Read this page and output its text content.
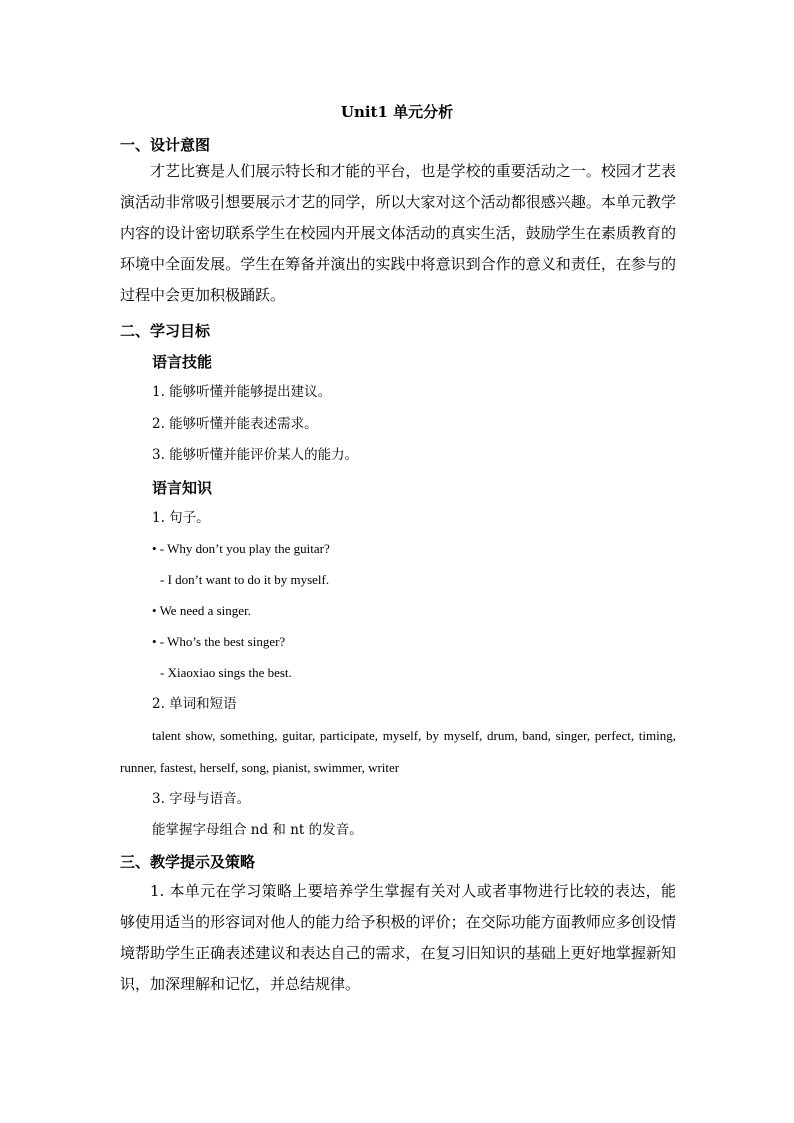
Unit1 单元分析
一、设计意图
才艺比赛是人们展示特长和才能的平台，也是学校的重要活动之一。校园才艺表演活动非常吸引想要展示才艺的同学，所以大家对这个活动都很感兴趣。本单元教学内容的设计密切联系学生在校园内开展文体活动的真实生活，鼓励学生在素质教育的环境中全面发展。学生在筹备并演出的实践中将意识到合作的意义和责任，在参与的过程中会更加积极踊跃。
二、学习目标
语言技能
1. 能够听懂并能够提出建议。
2. 能够听懂并能表述需求。
3. 能够听懂并能评价某人的能力。
语言知识
1. 句子。
• - Why don’t you play the guitar?
- I don’t want to do it by myself.
• We need a singer.
• - Who’s the best singer?
- Xiaoxiao sings the best.
2. 单词和短语
talent show, something, guitar, participate, myself, by myself, drum, band, singer, perfect, timing, runner, fastest, herself, song, pianist, swimmer, writer
3. 字母与语音。
能掌握字母组合 nd 和 nt 的发音。
三、教学提示及策略
1. 本单元在学习策略上要培养学生掌握有关对人或者事物进行比较的表达，能够使用适当的形容词对他人的能力给予积极的评价；在交际功能方面教师应多创设情境帮助学生正确表述建议和表达自己的需求，在复习旧知识的基础上更好地掌握新知识，加深理解和记忆，并总结规律。
